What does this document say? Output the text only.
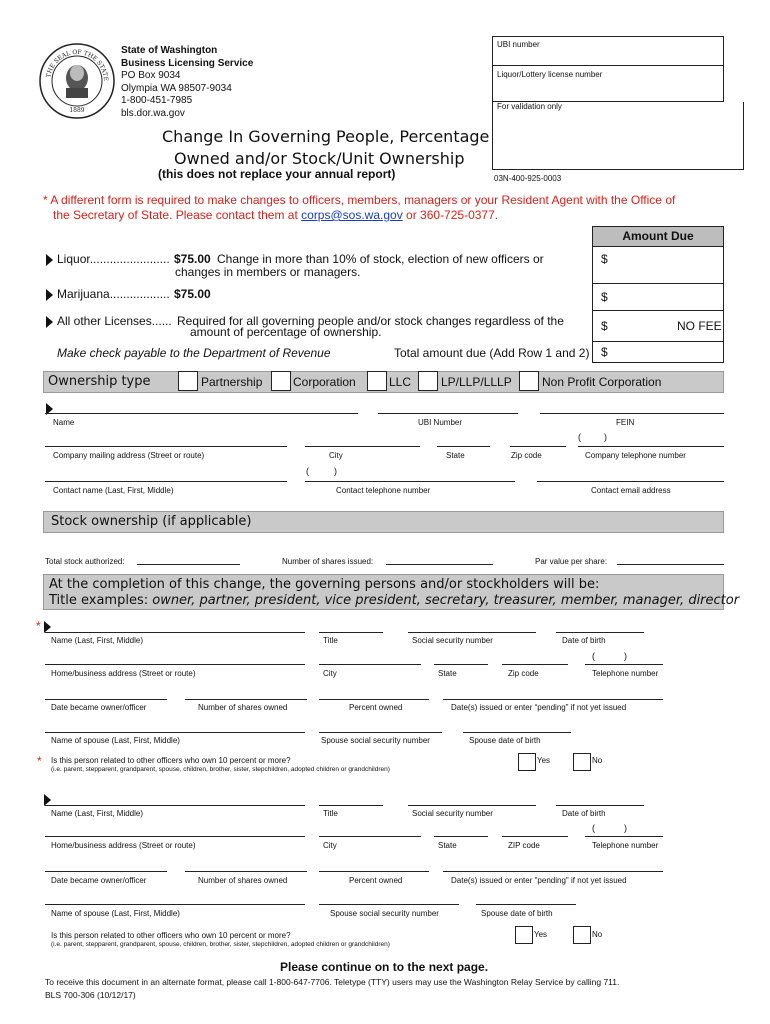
THE SEAL OF THE STATE
1889
State of Washington
Business Licensing Service
PO Box 9034
Olympia WA 98507-9034
1-800-451-7985
bls.dor.wa.gov
Change In Governing People, Percentage
Owned and/or Stock/Unit Ownership
(this does not replace your annual report)
UBI number
Liquor/Lottery license number
For validation only
03N-400-925-0003
* A different form is required to make changes to officers, members, managers or your Resident Agent with the Office of
the Secretary of State. Please contact them at corps@sos.wa.gov or 360-725-0377.
Amount Due
Liquor........................ $75.00 Change in more than 10% of stock, election of new officers or
changes in members or managers.
$
Marijuana.................. $75.00	$
All other Licenses...... Required for all governing people and/or stock changes regardless of the
amount of percentage of ownership.	$	NO FEE
Make check payable to the Department of Revenue	Total amount due (Add Row 1 and 2) $
Ownership type	Partnership	Corporation	LLC LP/LLP/LLLP	Non Profit Corporation
Name	UBI Number	FEIN
(	)
Company mailing address (Street or route)	City	State	Zip code	Company telephone number
(	)
Contact name (Last, First, Middle)	Contact telephone number	Contact email address
Stock ownership (if applicable)
Total stock authorized:	Number of shares issued:	Par value per share:
At the completion of this change, the governing persons and/or stockholders will be:
Title examples: owner, partner, president, vice president, secretary, treasurer, member, manager, director
*
Name (Last, First, Middle)	Title	Social security number	Date of birth
(	)
Home/business address (Street or route)	City	State	Zip code	Telephone number
Date became owner/officer	Number of shares owned	Percent owned	Date(s) issued or enter “pending” if not yet issued
Name of spouse (Last, First, Middle)	Spouse social security number	Spouse date of birth
* Is this person related to other officers who own 10 percent or more?
(i.e. parent, stepparent, grandparent, spouse, children, brother, sister, stepchildren, adopted children or grandchildren)
Yes	No
Name (Last, First, Middle)	Title	Social security number	Date of birth
(	)
Home/business address (Street or route)	City	State	ZIP code	Telephone number
Date became owner/officer	Number of shares owned	Percent owned	Date(s) issued or enter "pending" if not yet issued
Name of spouse (Last, First, Middle)	Spouse social security number	Spouse date of birth
Is this person related to other officers who own 10 percent or more?
(i.e. parent, stepparent, grandparent, spouse, children, brother, sister, stepchildren, adopted children or grandchildren)
Yes	No
Please continue on to the next page.
To receive this document in an alternate format, please call 1-800-647-7706. Teletype (TTY) users may use the Washington Relay Service by calling 711.
BLS 700-306 (10/12/17)
